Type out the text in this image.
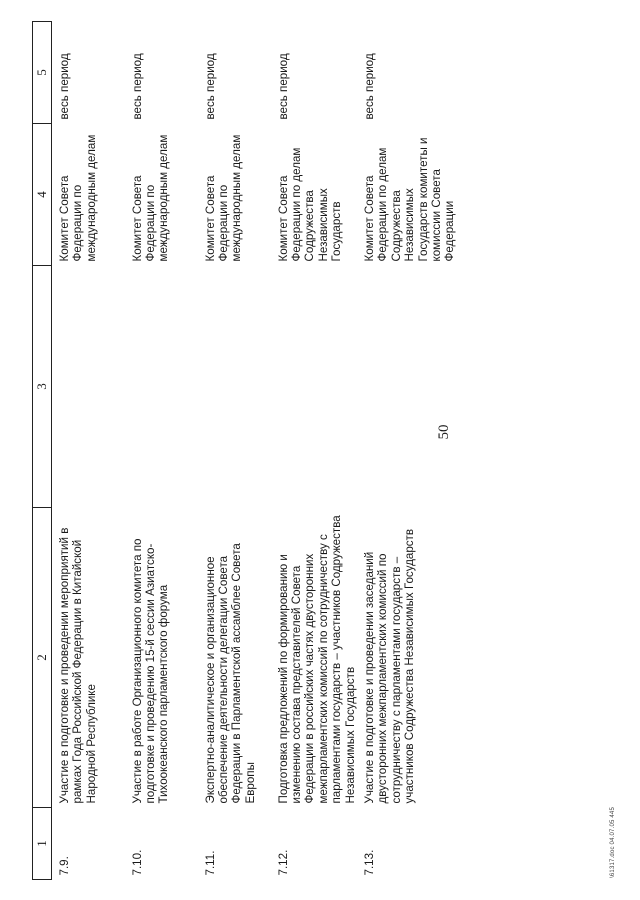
50
1	2	3	4	5
7.9.	Участие в подготовке и проведении мероприятий в рамках Года Российской Федерации в Китайской Народной Республике		Комитет Совета Федерации по международным делам	весь период
7.10.	Участие в работе Организационного комитета по подготовке и проведению 15-й сессии Азиатско-Тихоокеанского парламентского форума		Комитет Совета Федерации по международным делам	весь период
7.11.	Экспертно-аналитическое и организационное обеспечение деятельности делегации Совета Федерации в Парламентской ассамблее Совета Европы		Комитет Совета Федерации по международным делам	весь период
7.12.	Подготовка предложений по формированию и изменению состава представителей Совета Федерации в российских частях двусторонних межпарламентских комиссий по сотрудничеству с парламентами государств – участников Содружества Независимых Государств		Комитет Совета Федерации по делам Содружества Независимых Государств	весь период
7.13.	Участие в подготовке и проведении заседаний двусторонних межпарламентских комиссий по сотрудничеству с парламентами государств – участников Содружества Независимых Государств		Комитет Совета Федерации по делам Содружества Независимых Государств комитеты и комиссии Совета Федерации	весь период
\61317.doc 04.07.05 445
